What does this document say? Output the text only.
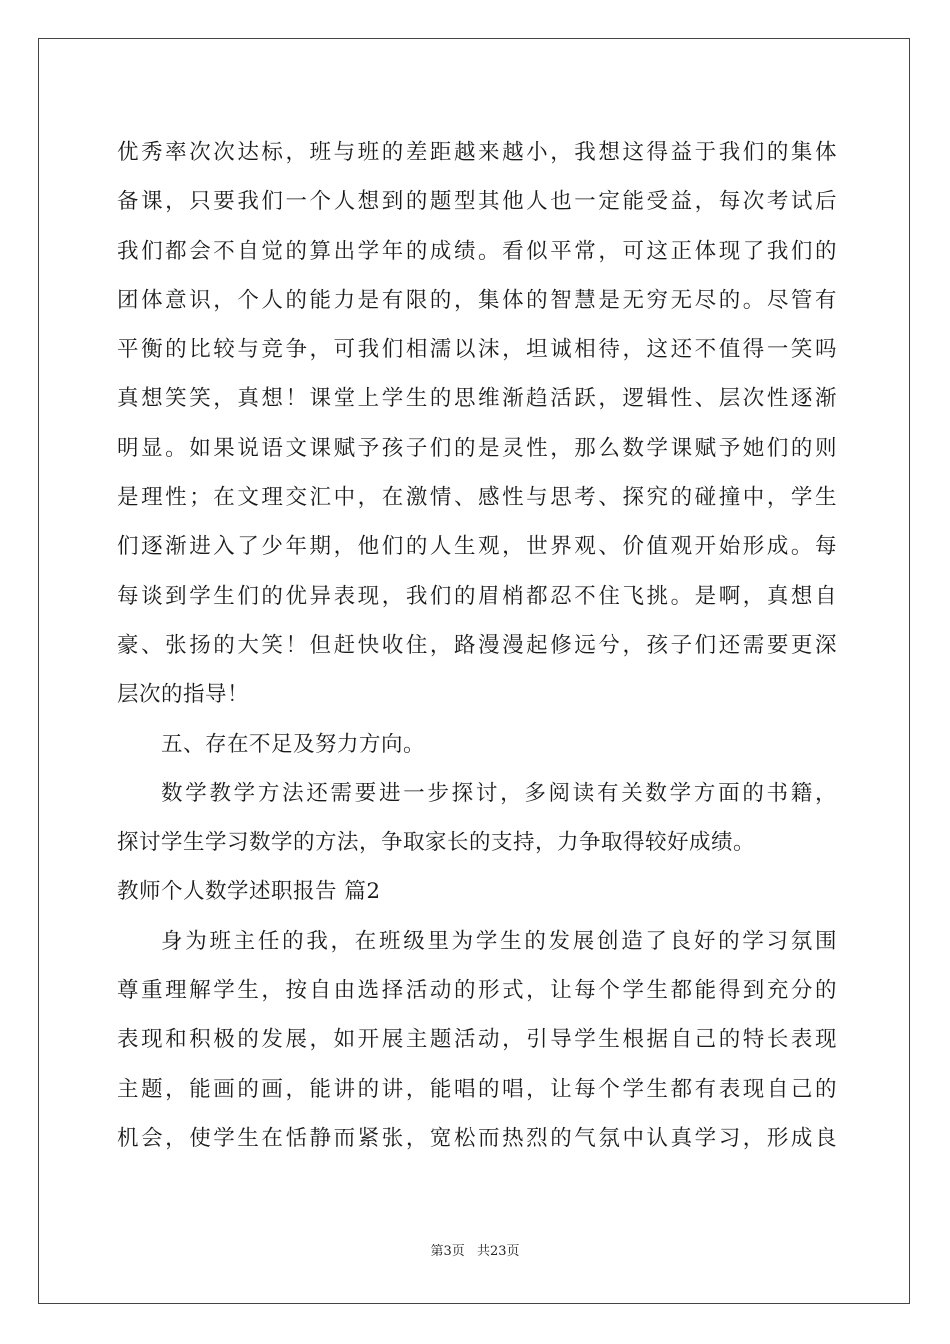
优秀率次次达标，班与班的差距越来越小，我想这得益于我们的集体
备课，只要我们一个人想到的题型其他人也一定能受益，每次考试后
我们都会不自觉的算出学年的成绩。看似平常，可这正体现了我们的
团体意识，个人的能力是有限的，集体的智慧是无穷无尽的。尽管有
平衡的比较与竞争，可我们相濡以沫，坦诚相待，这还不值得一笑吗
真想笑笑，真想！课堂上学生的思维渐趋活跃，逻辑性、层次性逐渐
明显。如果说语文课赋予孩子们的是灵性，那么数学课赋予她们的则
是理性；在文理交汇中，在激情、感性与思考、探究的碰撞中，学生
们逐渐进入了少年期，他们的人生观，世界观、价值观开始形成。每
每谈到学生们的优异表现，我们的眉梢都忍不住飞挑。是啊，真想自
豪、张扬的大笑！但赶快收住，路漫漫起修远兮，孩子们还需要更深
层次的指导！
五、存在不足及努力方向。
数学教学方法还需要进一步探讨，多阅读有关数学方面的书籍，
探讨学生学习数学的方法，争取家长的支持，力争取得较好成绩。
教师个人数学述职报告 篇2
身为班主任的我，在班级里为学生的发展创造了良好的学习氛围
尊重理解学生，按自由选择活动的形式，让每个学生都能得到充分的
表现和积极的发展，如开展主题活动，引导学生根据自己的特长表现
主题，能画的画，能讲的讲，能唱的唱，让每个学生都有表现自己的
机会，使学生在恬静而紧张，宽松而热烈的气氛中认真学习，形成良
第3页 共23页
